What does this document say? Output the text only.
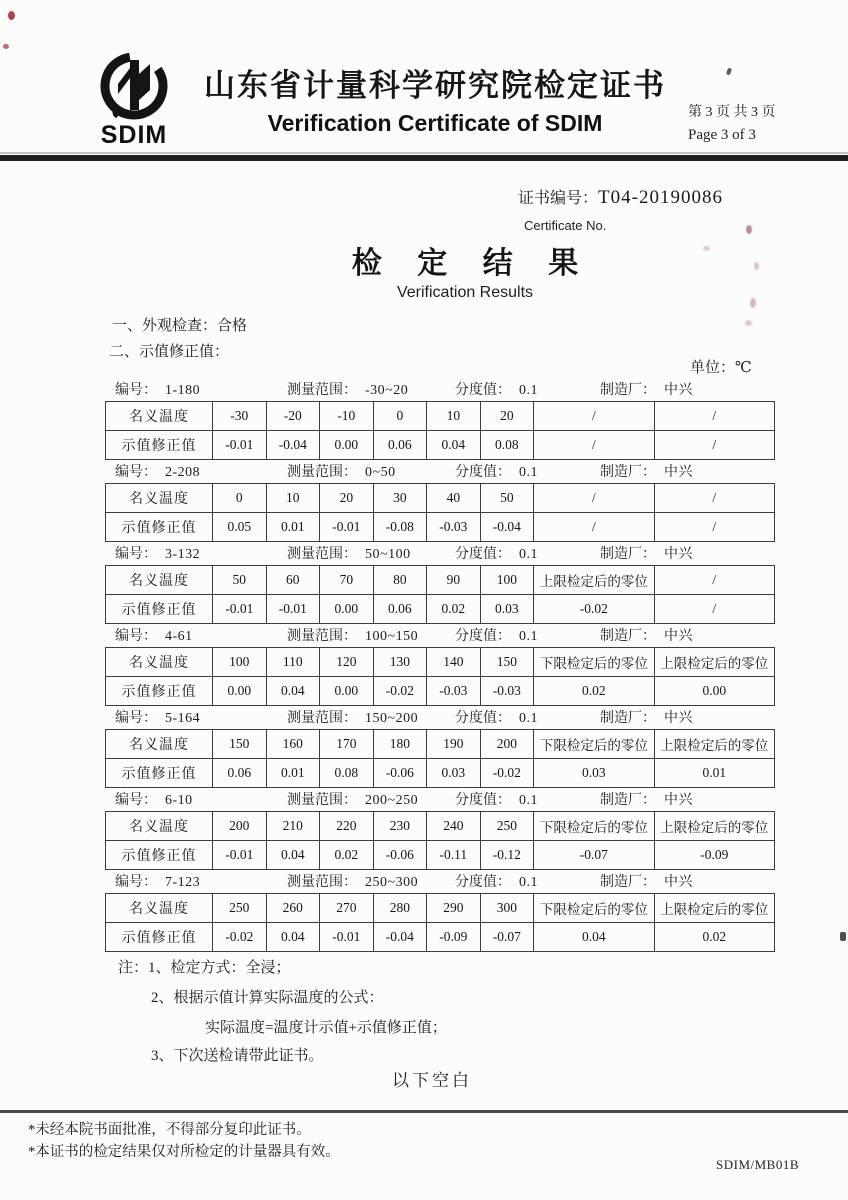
SDIM
山东省计量科学研究院检定证书
Verification Certificate of SDIM	第 3 页 共 3 页
Page 3 of 3
证书编号：T04-20190086
Certificate No.
检 定 结 果
Verification Results
一、外观检查：合格
二、示值修正值：
单位：℃
编号： 1-180	测量范围： -30~20	分度值： 0.1	制造厂： 中兴
名义温度	-30	-20	-10	0	10	20	/	/
示值修正值	-0.01	-0.04	0.00	0.06	0.04	0.08	/	/
编号： 2-208	测量范围： 0~50	分度值： 0.1	制造厂： 中兴
名义温度	0	10	20	30	40	50	/	/
示值修正值	0.05	0.01	-0.01	-0.08	-0.03	-0.04	/	/
编号： 3-132	测量范围： 50~100	分度值： 0.1	制造厂： 中兴
名义温度	50	60	70	80	90	100	上限检定后的零位	/
示值修正值	-0.01	-0.01	0.00	0.06	0.02	0.03	-0.02	/
编号： 4-61	测量范围： 100~150	分度值： 0.1	制造厂： 中兴
名义温度	100	110	120	130	140	150	下限检定后的零位	上限检定后的零位
示值修正值	0.00	0.04	0.00	-0.02	-0.03	-0.03	0.02	0.00
编号： 5-164	测量范围： 150~200	分度值： 0.1	制造厂： 中兴
名义温度	150	160	170	180	190	200	下限检定后的零位	上限检定后的零位
示值修正值	0.06	0.01	0.08	-0.06	0.03	-0.02	0.03	0.01
编号： 6-10	测量范围： 200~250	分度值： 0.1	制造厂： 中兴
名义温度	200	210	220	230	240	250	下限检定后的零位	上限检定后的零位
示值修正值	-0.01	0.04	0.02	-0.06	-0.11	-0.12	-0.07	-0.09
编号： 7-123	测量范围： 250~300	分度值： 0.1	制造厂： 中兴
名义温度	250	260	270	280	290	300	下限检定后的零位	上限检定后的零位
示值修正值	-0.02	0.04	-0.01	-0.04	-0.09	-0.07	0.04	0.02
注：1、检定方式：全浸；
2、根据示值计算实际温度的公式：
实际温度=温度计示值+示值修正值；
3、下次送检请带此证书。
以下空白
*未经本院书面批准，不得部分复印此证书。
*本证书的检定结果仅对所检定的计量器具有效。
SDIM/MB01B
